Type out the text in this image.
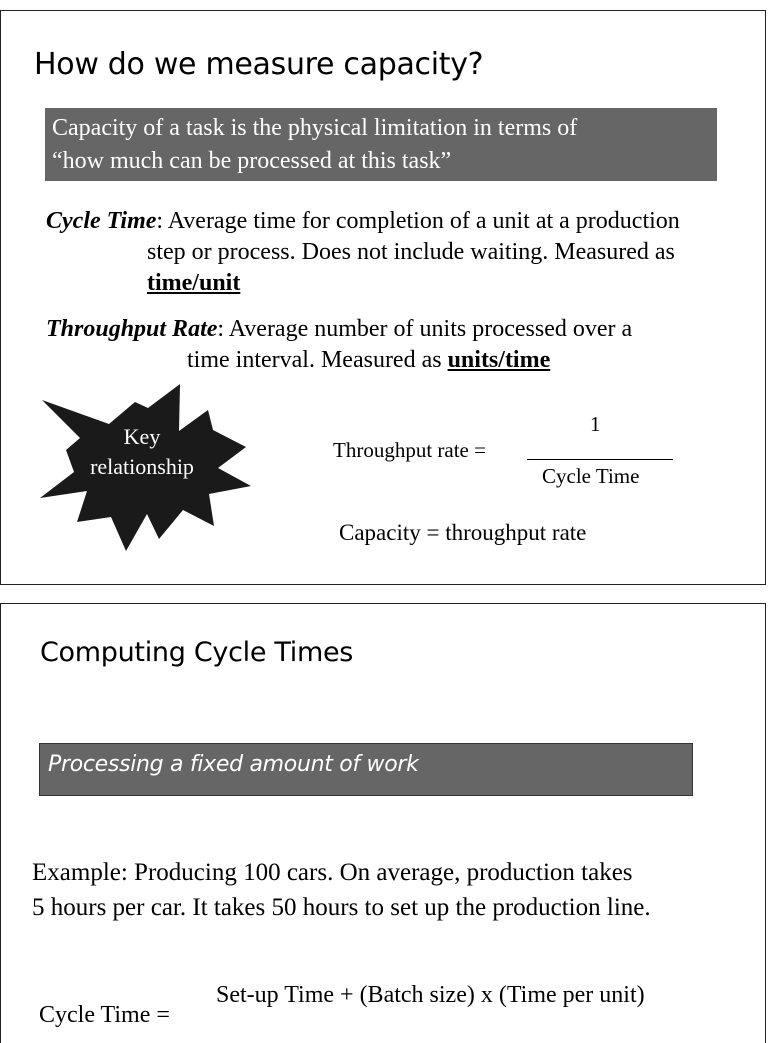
How do we measure capacity?
Capacity of a task is the physical limitation in terms of
“how much can be processed at this task”
Cycle Time: Average time for completion of a unit at a production
step or process. Does not include waiting. Measured as
time/unit
Throughput Rate: Average number of units processed over a
time interval. Measured as units/time
Key
relationship
Throughput rate =
1
Cycle Time
Capacity = throughput rate
Computing Cycle Times
Processing a fixed amount of work
Example: Producing 100 cars. On average, production takes
5 hours per car. It takes 50 hours to set up the production line.
Set-up Time + (Batch size) x (Time per unit)
Cycle Time =
